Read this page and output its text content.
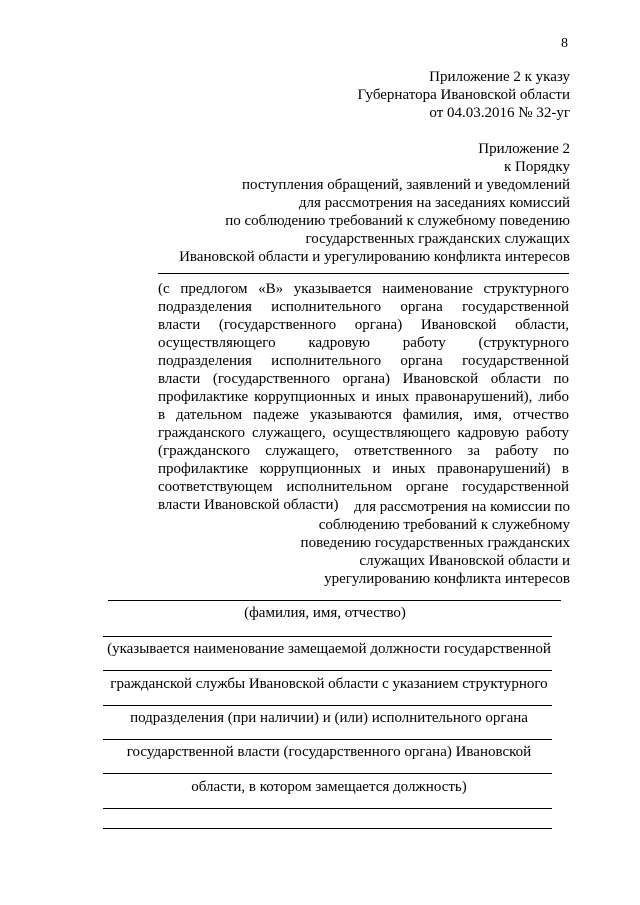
8
Приложение 2 к указу
Губернатора Ивановской области
от 04.03.2016 № 32-уг
Приложение 2
к Порядку
поступления обращений, заявлений и уведомлений
для рассмотрения на заседаниях комиссий
по соблюдению требований к служебному поведению
государственных гражданских служащих
Ивановской области и урегулированию конфликта интересов
(с предлогом «В» указывается наименование структурного
подразделения исполнительного органа государственной
власти (государственного органа) Ивановской области,
осуществляющего кадровую работу (структурного
подразделения исполнительного органа государственной
власти (государственного органа) Ивановской области по
профилактике коррупционных и иных правонарушений), либо
в дательном падеже указываются фамилия, имя, отчество
гражданского служащего, осуществляющего кадровую работу
(гражданского служащего, ответственного за работу по
профилактике коррупционных и иных правонарушений) в
соответствующем исполнительном органе государственной
власти Ивановской области)	для рассмотрения на комиссии по
соблюдению требований к служебному
поведению государственных гражданских
служащих Ивановской области и
урегулированию конфликта интересов
(фамилия, имя, отчество)
(указывается наименование замещаемой должности государственной
гражданской службы Ивановской области с указанием структурного
подразделения (при наличии) и (или) исполнительного органа
государственной власти (государственного органа) Ивановской
области, в котором замещается должность)
